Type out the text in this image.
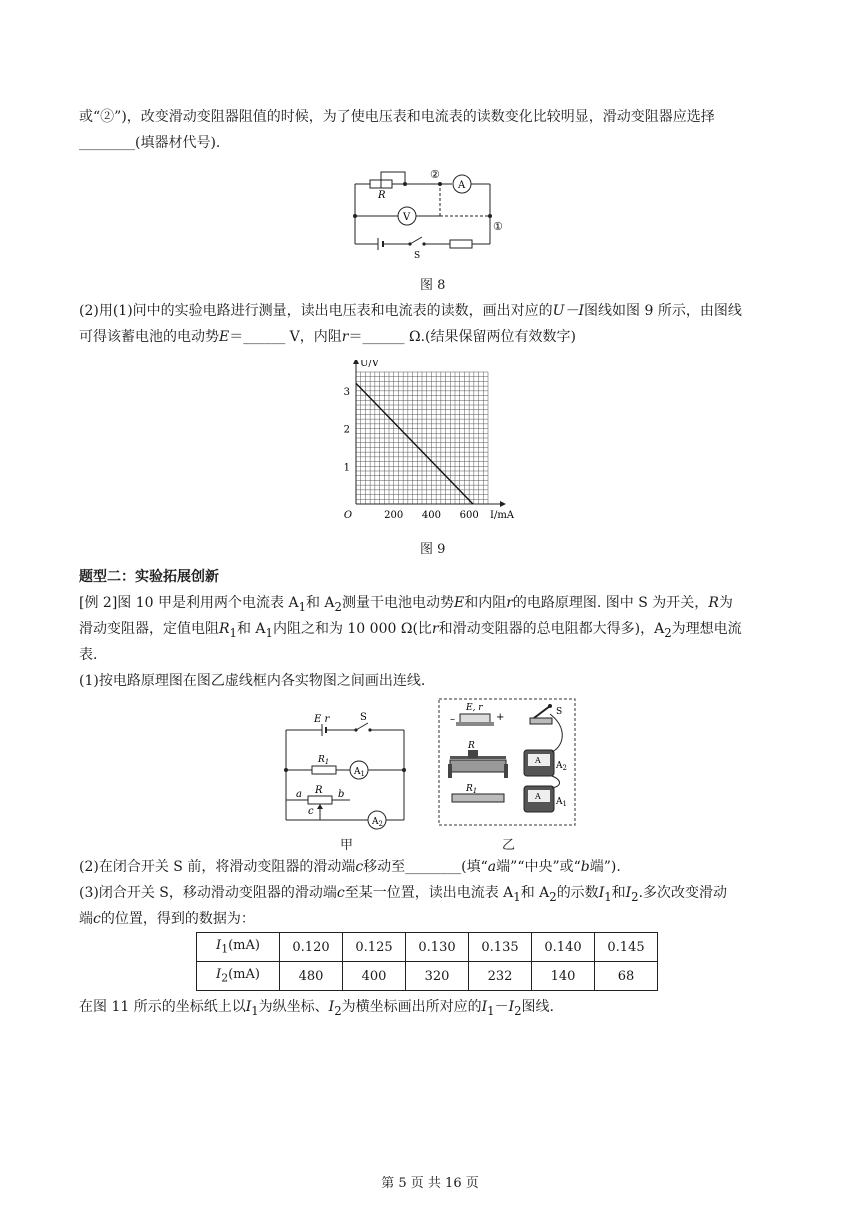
或“②”)，改变滑动变阻器阻值的时候，为了使电压表和电流表的读数变化比较明显，滑动变阻器应选择

________(填器材代号).

R
②
①
A
V
S
图 8

(2)用(1)问中的实验电路进行测量，读出电压表和电流表的读数，画出对应的U－I图线如图 9 所示，由图线

可得该蓄电池的电动势E＝______ V，内阻r＝______ Ω.(结果保留两位有效数字)

200 400 600
1
2
3
O	I/mA
U/V
图 9

题型二：实验拓展创新

[例 2]图 10 甲是利用两个电流表 $A_1$和 $A_2$测量干电池电动势E和内阻r的电路原理图. 图中 S 为开关，R为

滑动变阻器，定值电阻$R_1$和 $A_1$内阻之和为 10 000 Ω(比r和滑动变阻器的总电阻都大得多)，$A_2$为理想电流

表.

(1)按电路原理图在图乙虚线框内各实物图之间画出连线.

E r	S
$R_1$
$A_1$
a R b
c
$A_2$
甲
E, r
–	+	S
R
$R_1$
A
$A_2$
A
$A_1$
乙

(2)在闭合开关 S 前，将滑动变阻器的滑动端c移动至________(填“a端”“中央”或“b端”).

(3)闭合开关 S，移动滑动变阻器的滑动端c至某一位置，读出电流表 $A_1$和 $A_2$的示数$I_1$和$I_2$.多次改变滑动

端c的位置，得到的数据为：

$I_1(mA)$	0.120	0.125	0.130	0.135	0.140	0.145
$I_2(mA)$	480	400	320	232	140	68

在图 11 所示的坐标纸上以$I_1$为纵坐标、$I_2$为横坐标画出所对应的$I_1-I_2$图线.

第 5 页 共 16 页
